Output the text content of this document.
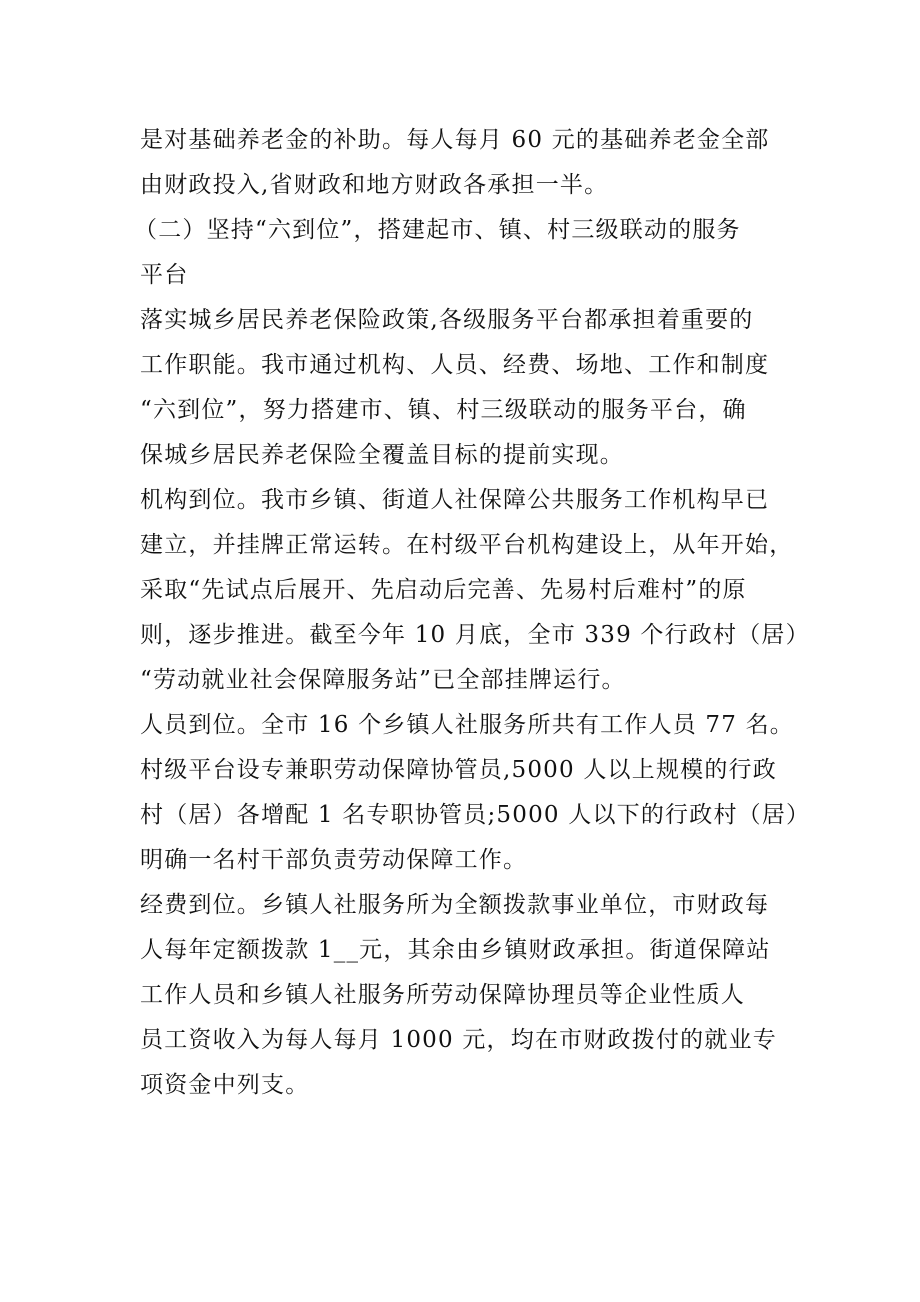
是对基础养老金的补助。每人每月 60 元的基础养老金全部
由财政投入,省财政和地方财政各承担一半。
（二）坚持“六到位”，搭建起市、镇、村三级联动的服务
平台
落实城乡居民养老保险政策,各级服务平台都承担着重要的
工作职能。我市通过机构、人员、经费、场地、工作和制度
“六到位”，努力搭建市、镇、村三级联动的服务平台，确
保城乡居民养老保险全覆盖目标的提前实现。
机构到位。我市乡镇、街道人社保障公共服务工作机构早已
建立，并挂牌正常运转。在村级平台机构建设上，从年开始，
采取“先试点后展开、先启动后完善、先易村后难村”的原
则，逐步推进。截至今年 10 月底，全市 339 个行政村（居）
“劳动就业社会保障服务站”已全部挂牌运行。
人员到位。全市 16 个乡镇人社服务所共有工作人员 77 名。
村级平台设专兼职劳动保障协管员,5000 人以上规模的行政
村（居）各增配 1 名专职协管员;5000 人以下的行政村（居）
明确一名村干部负责劳动保障工作。
经费到位。乡镇人社服务所为全额拨款事业单位，市财政每
人每年定额拨款 1__元，其余由乡镇财政承担。街道保障站
工作人员和乡镇人社服务所劳动保障协理员等企业性质人
员工资收入为每人每月 1000 元，均在市财政拨付的就业专
项资金中列支。
